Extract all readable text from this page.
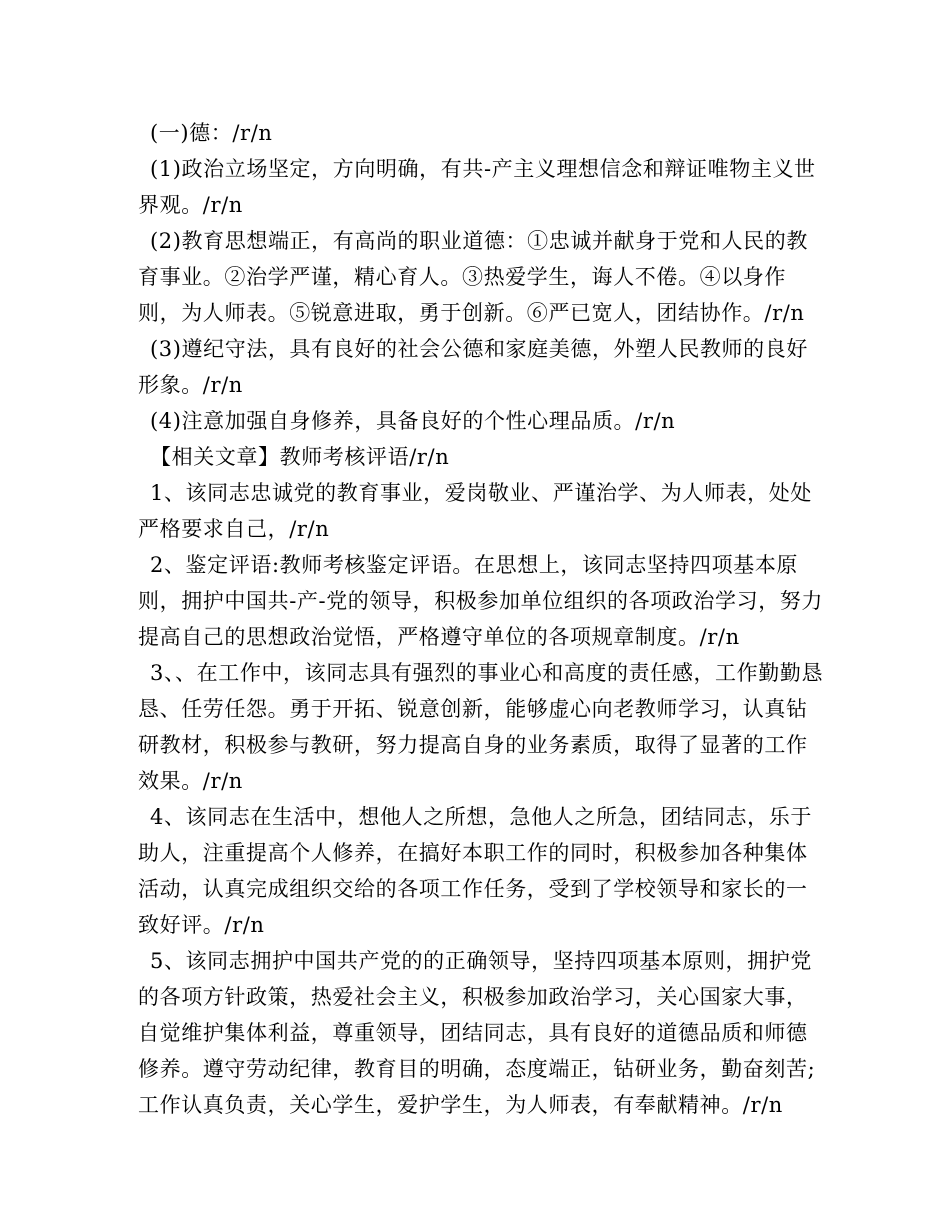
(一)德：/r/n

(1)政治立场坚定，方向明确，有共-产主义理想信念和辩证唯物主义世界观。/r/n

(2)教育思想端正，有高尚的职业道德：①忠诚并献身于党和人民的教育事业。②治学严谨，精心育人。③热爱学生，诲人不倦。④以身作则，为人师表。⑤锐意进取，勇于创新。⑥严已宽人，团结协作。/r/n

(3)遵纪守法，具有良好的社会公德和家庭美德，外塑人民教师的良好形象。/r/n

(4)注意加强自身修养，具备良好的个性心理品质。/r/n

【相关文章】教师考核评语/r/n

1、该同志忠诚党的教育事业，爱岗敬业、严谨治学、为人师表，处处严格要求自己，/r/n

2、鉴定评语:教师考核鉴定评语。在思想上，该同志坚持四项基本原则，拥护中国共-产-党的领导，积极参加单位组织的各项政治学习，努力提高自己的思想政治觉悟，严格遵守单位的各项规章制度。/r/n

3、、在工作中，该同志具有强烈的事业心和高度的责任感，工作勤勤恳恳、任劳任怨。勇于开拓、锐意创新，能够虚心向老教师学习，认真钻研教材，积极参与教研，努力提高自身的业务素质，取得了显著的工作效果。/r/n

4、该同志在生活中，想他人之所想，急他人之所急，团结同志，乐于助人，注重提高个人修养，在搞好本职工作的同时，积极参加各种集体活动，认真完成组织交给的各项工作任务，受到了学校领导和家长的一致好评。/r/n

5、该同志拥护中国共产党的的正确领导，坚持四项基本原则，拥护党的各项方针政策，热爱社会主义，积极参加政治学习，关心国家大事，自觉维护集体利益，尊重领导，团结同志，具有良好的道德品质和师德修养。遵守劳动纪律，教育目的明确，态度端正，钻研业务，勤奋刻苦;工作认真负责，关心学生，爱护学生，为人师表，有奉献精神。/r/n
